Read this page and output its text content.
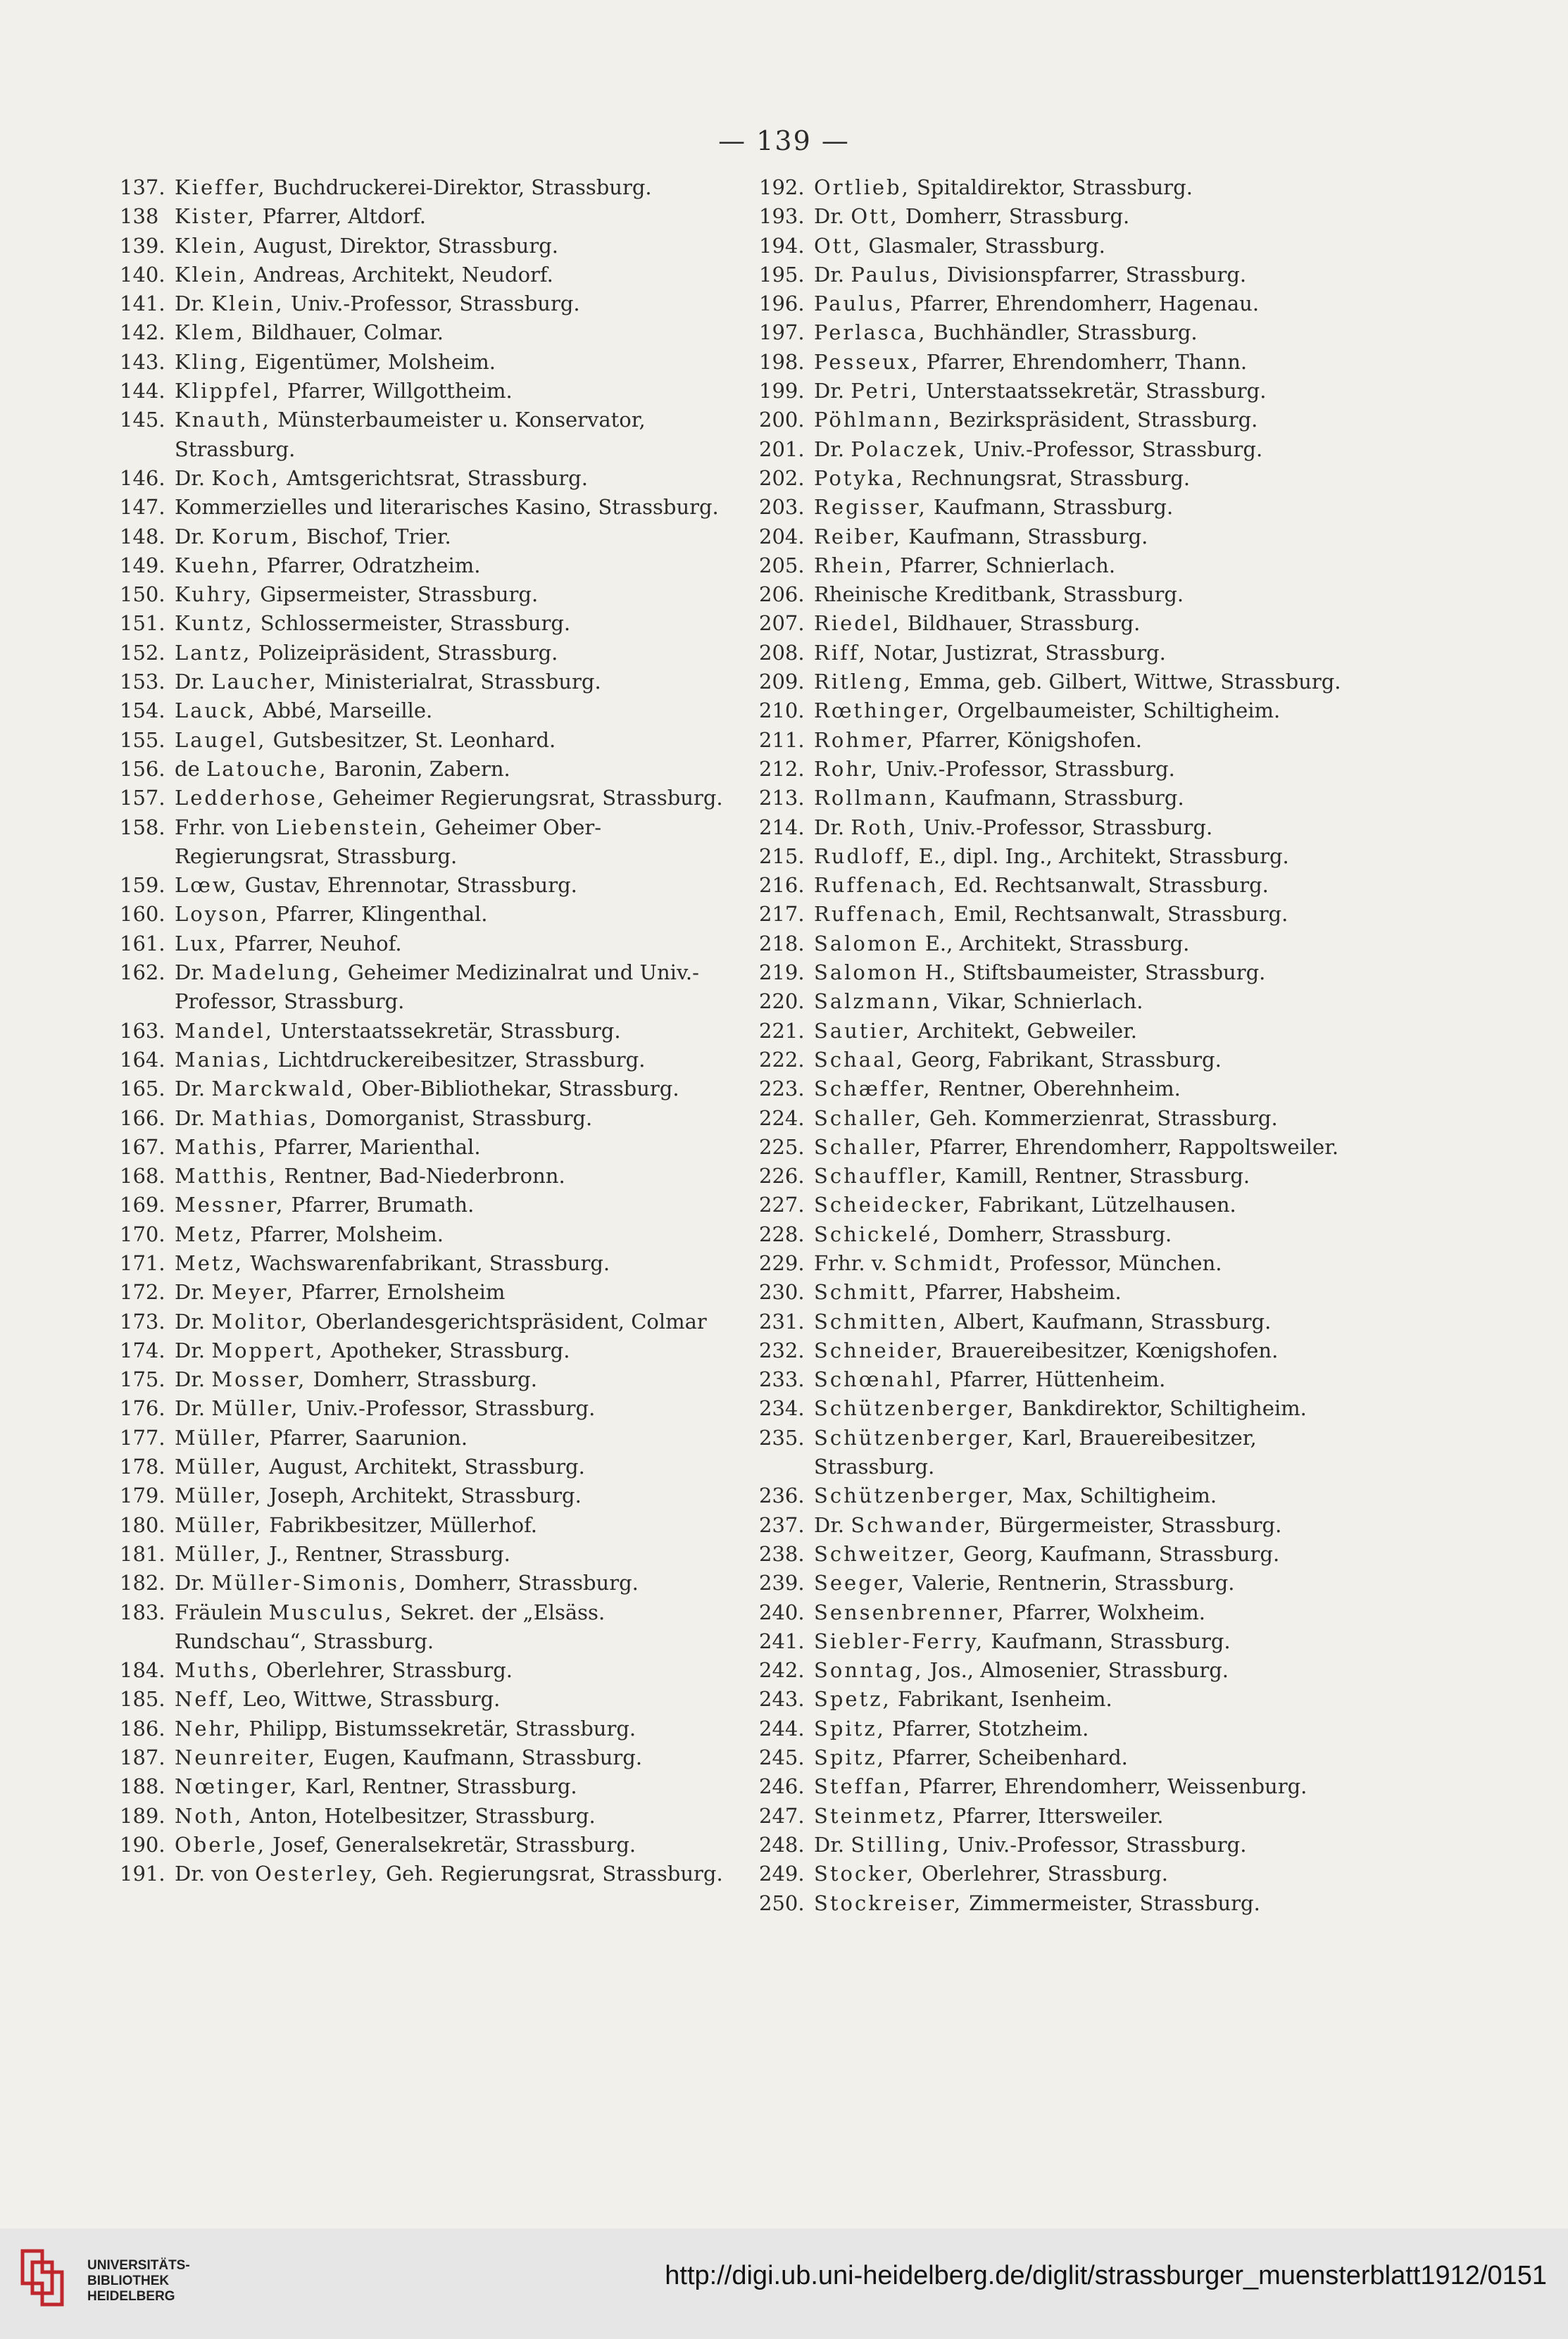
— 139 —

137. Kieffer, Buchdruckerei-Direktor, Strassburg.

138 Kister, Pfarrer, Altdorf.

139. Klein, August, Direktor, Strassburg.

140. Klein, Andreas, Architekt, Neudorf.

141. Dr. Klein, Univ.-Professor, Strassburg.

142. Klem, Bildhauer, Colmar.

143. Kling, Eigentümer, Molsheim.

144. Klippfel, Pfarrer, Willgottheim.

145. Knauth, Münsterbaumeister u. Konservator, Strassburg.

146. Dr. Koch, Amtsgerichtsrat, Strassburg.

147. Kommerzielles und literarisches Kasino, Strassburg.

148. Dr. Korum, Bischof, Trier.

149. Kuehn, Pfarrer, Odratzheim.

150. Kuhry, Gipsermeister, Strassburg.

151. Kuntz, Schlossermeister, Strassburg.

152. Lantz, Polizeipräsident, Strassburg.

153. Dr. Laucher, Ministerialrat, Strassburg.

154. Lauck, Abbé, Marseille.

155. Laugel, Gutsbesitzer, St. Leonhard.

156. de Latouche, Baronin, Zabern.

157. Ledderhose, Geheimer Regierungsrat, Strassburg.

158. Frhr. von Liebenstein, Geheimer Ober-Regierungsrat, Strassburg.

159. Lœw, Gustav, Ehrennotar, Strassburg.

160. Loyson, Pfarrer, Klingenthal.

161. Lux, Pfarrer, Neuhof.

162. Dr. Madelung, Geheimer Medizinalrat und Univ.-Professor, Strassburg.

163. Mandel, Unterstaatssekretär, Strassburg.

164. Manias, Lichtdruckereibesitzer, Strassburg.

165. Dr. Marckwald, Ober-Bibliothekar, Strassburg.

166. Dr. Mathias, Domorganist, Strassburg.

167. Mathis, Pfarrer, Marienthal.

168. Matthis, Rentner, Bad-Niederbronn.

169. Messner, Pfarrer, Brumath.

170. Metz, Pfarrer, Molsheim.

171. Metz, Wachswarenfabrikant, Strassburg.

172. Dr. Meyer, Pfarrer, Ernolsheim

173. Dr. Molitor, Oberlandesgerichtspräsident, Colmar

174. Dr. Moppert, Apotheker, Strassburg.

175. Dr. Mosser, Domherr, Strassburg.

176. Dr. Müller, Univ.-Professor, Strassburg.

177. Müller, Pfarrer, Saarunion.

178. Müller, August, Architekt, Strassburg.

179. Müller, Joseph, Architekt, Strassburg.

180. Müller, Fabrikbesitzer, Müllerhof.

181. Müller, J., Rentner, Strassburg.

182. Dr. Müller-Simonis, Domherr, Strassburg.

183. Fräulein Musculus, Sekret. der „Elsäss. Rundschau“, Strassburg.

184. Muths, Oberlehrer, Strassburg.

185. Neff, Leo, Wittwe, Strassburg.

186. Nehr, Philipp, Bistumssekretär, Strassburg.

187. Neunreiter, Eugen, Kaufmann, Strassburg.

188. Nœtinger, Karl, Rentner, Strassburg.

189. Noth, Anton, Hotelbesitzer, Strassburg.

190. Oberle, Josef, Generalsekretär, Strassburg.

191. Dr. von Oesterley, Geh. Regierungsrat, Strassburg.

192. Ortlieb, Spitaldirektor, Strassburg.

193. Dr. Ott, Domherr, Strassburg.

194. Ott, Glasmaler, Strassburg.

195. Dr. Paulus, Divisionspfarrer, Strassburg.

196. Paulus, Pfarrer, Ehrendomherr, Hagenau.

197. Perlasca, Buchhändler, Strassburg.

198. Pesseux, Pfarrer, Ehrendomherr, Thann.

199. Dr. Petri, Unterstaatssekretär, Strassburg.

200. Pöhlmann, Bezirkspräsident, Strassburg.

201. Dr. Polaczek, Univ.-Professor, Strassburg.

202. Potyka, Rechnungsrat, Strassburg.

203. Regisser, Kaufmann, Strassburg.

204. Reiber, Kaufmann, Strassburg.

205. Rhein, Pfarrer, Schnierlach.

206. Rheinische Kreditbank, Strassburg.

207. Riedel, Bildhauer, Strassburg.

208. Riff, Notar, Justizrat, Strassburg.

209. Ritleng, Emma, geb. Gilbert, Wittwe, Strassburg.

210. Rœthinger, Orgelbaumeister, Schiltigheim.

211. Rohmer, Pfarrer, Königshofen.

212. Rohr, Univ.-Professor, Strassburg.

213. Rollmann, Kaufmann, Strassburg.

214. Dr. Roth, Univ.-Professor, Strassburg.

215. Rudloff, E., dipl. Ing., Architekt, Strassburg.

216. Ruffenach, Ed. Rechtsanwalt, Strassburg.

217. Ruffenach, Emil, Rechtsanwalt, Strassburg.

218. Salomon E., Architekt, Strassburg.

219. Salomon H., Stiftsbaumeister, Strassburg.

220. Salzmann, Vikar, Schnierlach.

221. Sautier, Architekt, Gebweiler.

222. Schaal, Georg, Fabrikant, Strassburg.

223. Schæffer, Rentner, Oberehnheim.

224. Schaller, Geh. Kommerzienrat, Strassburg.

225. Schaller, Pfarrer, Ehrendomherr, Rappoltsweiler.

226. Schauffler, Kamill, Rentner, Strassburg.

227. Scheidecker, Fabrikant, Lützelhausen.

228. Schickelé, Domherr, Strassburg.

229. Frhr. v. Schmidt, Professor, München.

230. Schmitt, Pfarrer, Habsheim.

231. Schmitten, Albert, Kaufmann, Strassburg.

232. Schneider, Brauereibesitzer, Kœnigshofen.

233. Schœnahl, Pfarrer, Hüttenheim.

234. Schützenberger, Bankdirektor, Schiltigheim.

235. Schützenberger, Karl, Brauereibesitzer, Strassburg.

236. Schützenberger, Max, Schiltigheim.

237. Dr. Schwander, Bürgermeister, Strassburg.

238. Schweitzer, Georg, Kaufmann, Strassburg.

239. Seeger, Valerie, Rentnerin, Strassburg.

240. Sensenbrenner, Pfarrer, Wolxheim.

241. Siebler-Ferry, Kaufmann, Strassburg.

242. Sonntag, Jos., Almosenier, Strassburg.

243. Spetz, Fabrikant, Isenheim.

244. Spitz, Pfarrer, Stotzheim.

245. Spitz, Pfarrer, Scheibenhard.

246. Steffan, Pfarrer, Ehrendomherr, Weissenburg.

247. Steinmetz, Pfarrer, Ittersweiler.

248. Dr. Stilling, Univ.-Professor, Strassburg.

249. Stocker, Oberlehrer, Strassburg.

250. Stockreiser, Zimmermeister, Strassburg.

UNIVERSITÄTS-
BIBLIOTHEK
HEIDELBERG
http://digi.ub.uni-heidelberg.de/diglit/strassburger_muensterblatt1912/0151
